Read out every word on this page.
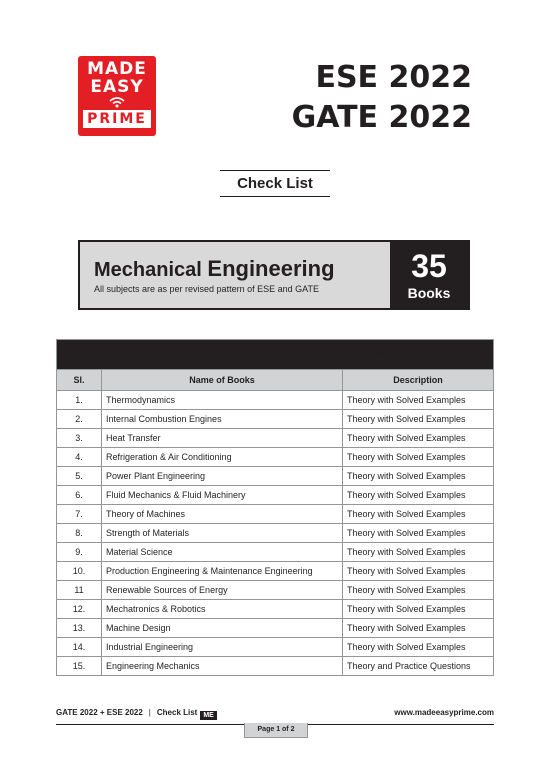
MADE
EASY
PRIME
ESE 2022
GATE 2022
Check List
Mechanical Engineering
All subjects are as per revised pattern of ESE and GATE
35
Books
Set-A : Technical Books (Theory with Solved Examples)		
Sl.	Name of Books	Description
1.	Thermodynamics	Theory with Solved Examples
2.	Internal Combustion Engines	Theory with Solved Examples
3.	Heat Transfer	Theory with Solved Examples
4.	Refrigeration & Air Conditioning	Theory with Solved Examples
5.	Power Plant Engineering	Theory with Solved Examples
6.	Fluid Mechanics & Fluid Machinery	Theory with Solved Examples
7.	Theory of Machines	Theory with Solved Examples
8.	Strength of Materials	Theory with Solved Examples
9.	Material Science	Theory with Solved Examples
10.	Production Engineering & Maintenance Engineering	Theory with Solved Examples
11	Renewable Sources of Energy	Theory with Solved Examples
12.	Mechatronics & Robotics	Theory with Solved Examples
13.	Machine Design	Theory with Solved Examples
14.	Industrial Engineering	Theory with Solved Examples
15.	Engineering Mechanics	Theory and Practice Questions
GATE 2022 + ESE 2022 | Check List ME	www.madeeasyprime.com
Page 1 of 2
